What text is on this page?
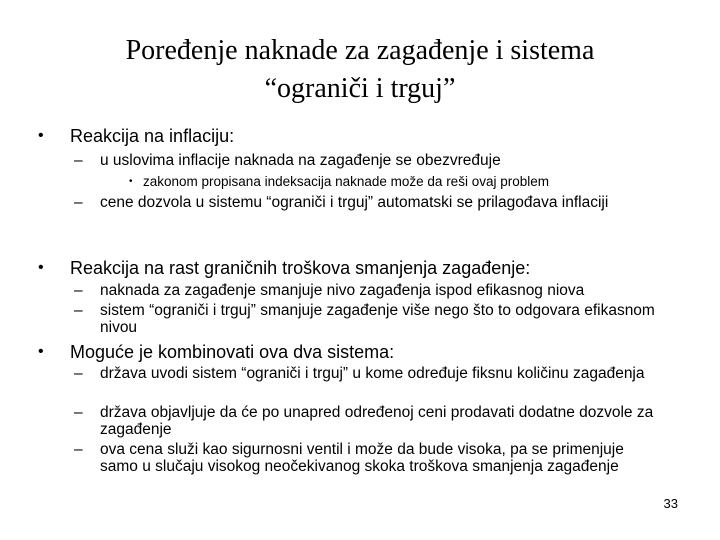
Poređenje naknade za zagađenje i sistema
“ograniči i trguj”
• Reakcija na inflaciju:
– u uslovima inflacije naknada na zagađenje se obezvređuje
• zakonom propisana indeksacija naknade može da reši ovaj problem
– cene dozvola u sistemu “ograniči i trguj” automatski se prilagođava inflaciji
• Reakcija na rast graničnih troškova smanjenja zagađenje:
– naknada za zagađenje smanjuje nivo zagađenja ispod efikasnog niova
– sistem “ograniči i trguj” smanjuje zagađenje više nego što to odgovara efikasnom nivou
• Moguće je kombinovati ova dva sistema:
– država uvodi sistem “ograniči i trguj” u kome određuje fiksnu količinu zagađenja
– država objavljuje da će po unapred određenoj ceni prodavati dodatne dozvole za zagađenje
– ova cena služi kao sigurnosni ventil i može da bude visoka, pa se primenjuje samo u slučaju visokog neočekivanog skoka troškova smanjenja zagađenje
33
